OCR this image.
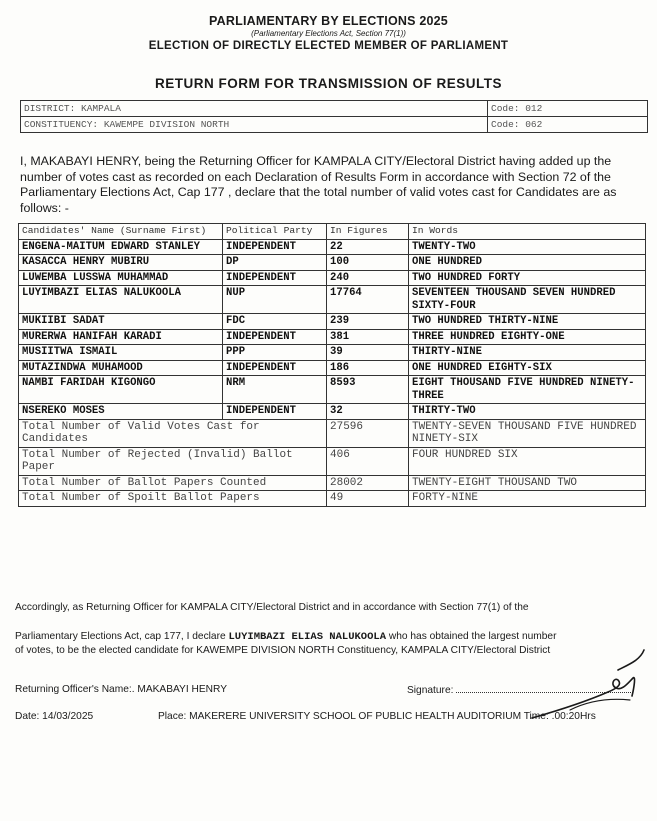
PARLIAMENTARY BY ELECTIONS 2025
(Parliamentary Elections Act, Section 77(1))
ELECTION OF DIRECTLY ELECTED MEMBER OF PARLIAMENT
RETURN FORM FOR TRANSMISSION OF RESULTS
DISTRICT: KAMPALA	Code: 012
CONSTITUENCY: KAWEMPE DIVISION NORTH	Code: 062
I, MAKABAYI HENRY, being the Returning Officer for KAMPALA CITY/Electoral District having added up the number of votes cast as recorded on each Declaration of Results Form in accordance with Section 72 of the Parliamentary Elections Act, Cap 177 , declare that the total number of valid votes cast for Candidates are as follows: -
Candidates' Name (Surname First)	Political Party	In Figures	In Words
ENGENA-MAITUM EDWARD STANLEY	INDEPENDENT	22	TWENTY-TWO
KASACCA HENRY MUBIRU	DP	100	ONE HUNDRED
LUWEMBA LUSSWA MUHAMMAD	INDEPENDENT	240	TWO HUNDRED FORTY
LUYIMBAZI ELIAS NALUKOOLA	NUP	17764	SEVENTEEN THOUSAND SEVEN HUNDRED SIXTY-FOUR
MUKIIBI SADAT	FDC	239	TWO HUNDRED THIRTY-NINE
MURERWA HANIFAH KARADI	INDEPENDENT	381	THREE HUNDRED EIGHTY-ONE
MUSIITWA ISMAIL	PPP	39	THIRTY-NINE
MUTAZINDWA MUHAMOOD	INDEPENDENT	186	ONE HUNDRED EIGHTY-SIX
NAMBI FARIDAH KIGONGO	NRM	8593	EIGHT THOUSAND FIVE HUNDRED NINETY-THREE
NSEREKO MOSES	INDEPENDENT	32	THIRTY-TWO
Total Number of Valid Votes Cast for Candidates		27596	TWENTY-SEVEN THOUSAND FIVE HUNDRED NINETY-SIX
Total Number of Rejected (Invalid) Ballot Paper		406	FOUR HUNDRED SIX
Total Number of Ballot Papers Counted		28002	TWENTY-EIGHT THOUSAND TWO
Total Number of Spoilt Ballot Papers		49	FORTY-NINE
Accordingly, as Returning Officer for KAMPALA CITY/Electoral District and in accordance with Section 77(1) of the
Parliamentary Elections Act, cap 177, I declare LUYIMBAZI ELIAS NALUKOOLA who has obtained the largest number
of votes, to be the elected candidate for KAWEMPE DIVISION NORTH Constituency, KAMPALA CITY/Electoral District
Returning Officer's Name:. MAKABAYI HENRY	Signature:
Date: 14/03/2025	Place: MAKERERE UNIVERSITY SCHOOL OF PUBLIC HEALTH AUDITORIUM Time: .00:20Hrs
